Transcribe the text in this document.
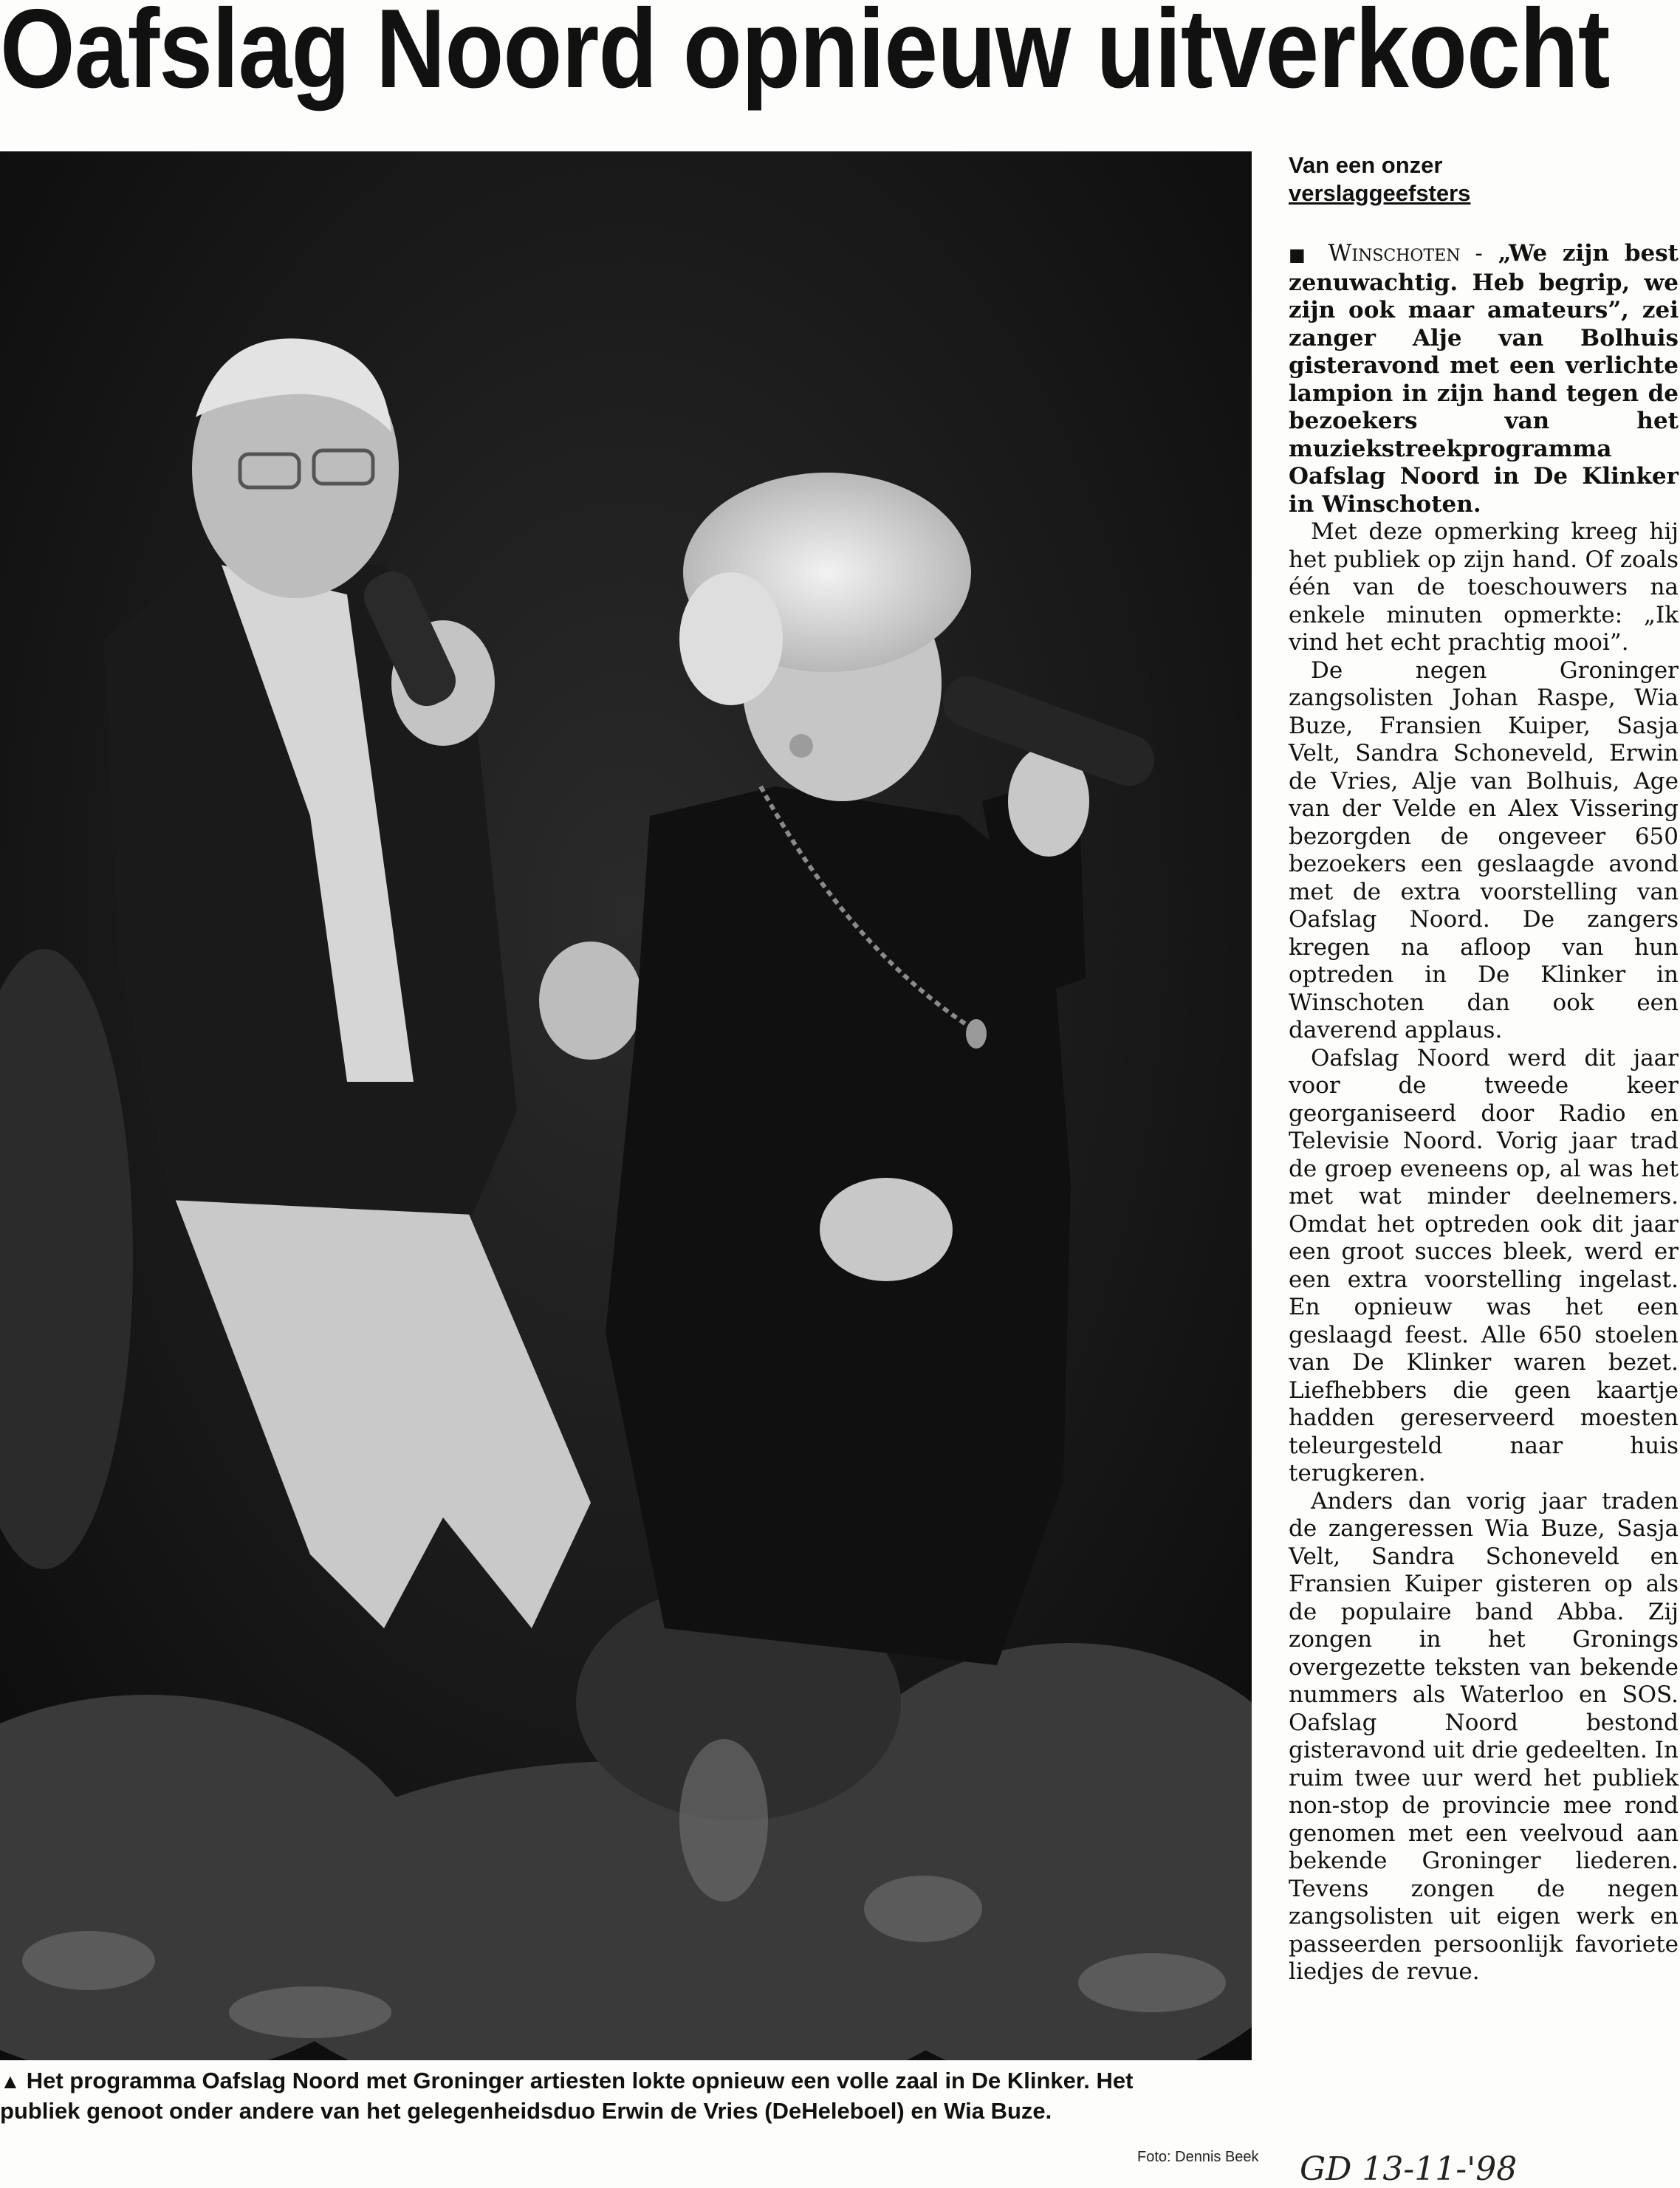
Oafslag Noord opnieuw uitverkocht
▲ Het programma Oafslag Noord met Groninger artiesten lokte opnieuw een volle zaal in De Klinker. Het publiek genoot onder andere van het gelegenheidsduo Erwin de Vries (DeHeleboel) en Wia Buze.
Foto: Dennis Beek
Van een onzer
verslaggeefsters

■ Winschoten - „We zijn best zenuwachtig. Heb begrip, we zijn ook maar amateurs”, zei zanger Alje van Bolhuis gisteravond met een verlichte lampion in zijn hand tegen de bezoekers van het muziekstreekprogramma Oafslag Noord in De Klinker in Winschoten.

Met deze opmerking kreeg hij het publiek op zijn hand. Of zoals één van de toeschouwers na enkele minuten opmerkte: „Ik vind het echt prachtig mooi”.

De negen Groninger zangsolisten Johan Raspe, Wia Buze, Fransien Kuiper, Sasja Velt, Sandra Schoneveld, Erwin de Vries, Alje van Bolhuis, Age van der Velde en Alex Vissering bezorgden de ongeveer 650 bezoekers een geslaagde avond met de extra voorstelling van Oafslag Noord. De zangers kregen na afloop van hun optreden in De Klinker in Winschoten dan ook een daverend applaus.

Oafslag Noord werd dit jaar voor de tweede keer georganiseerd door Radio en Televisie Noord. Vorig jaar trad de groep eveneens op, al was het met wat minder deelnemers. Omdat het optreden ook dit jaar een groot succes bleek, werd er een extra voorstelling ingelast. En opnieuw was het een geslaagd feest. Alle 650 stoelen van De Klinker waren bezet. Liefhebbers die geen kaartje hadden gereserveerd moesten teleurgesteld naar huis terugkeren.

Anders dan vorig jaar traden de zangeressen Wia Buze, Sasja Velt, Sandra Schoneveld en Fransien Kuiper gisteren op als de populaire band Abba. Zij zongen in het Gronings overgezette teksten van bekende nummers als Waterloo en SOS. Oafslag Noord bestond gisteravond uit drie gedeelten. In ruim twee uur werd het publiek non-stop de provincie mee rond genomen met een veelvoud aan bekende Groninger liederen. Tevens zongen de negen zangsolisten uit eigen werk en passeerden persoonlijk favoriete liedjes de revue.

GD 13-11-'98
